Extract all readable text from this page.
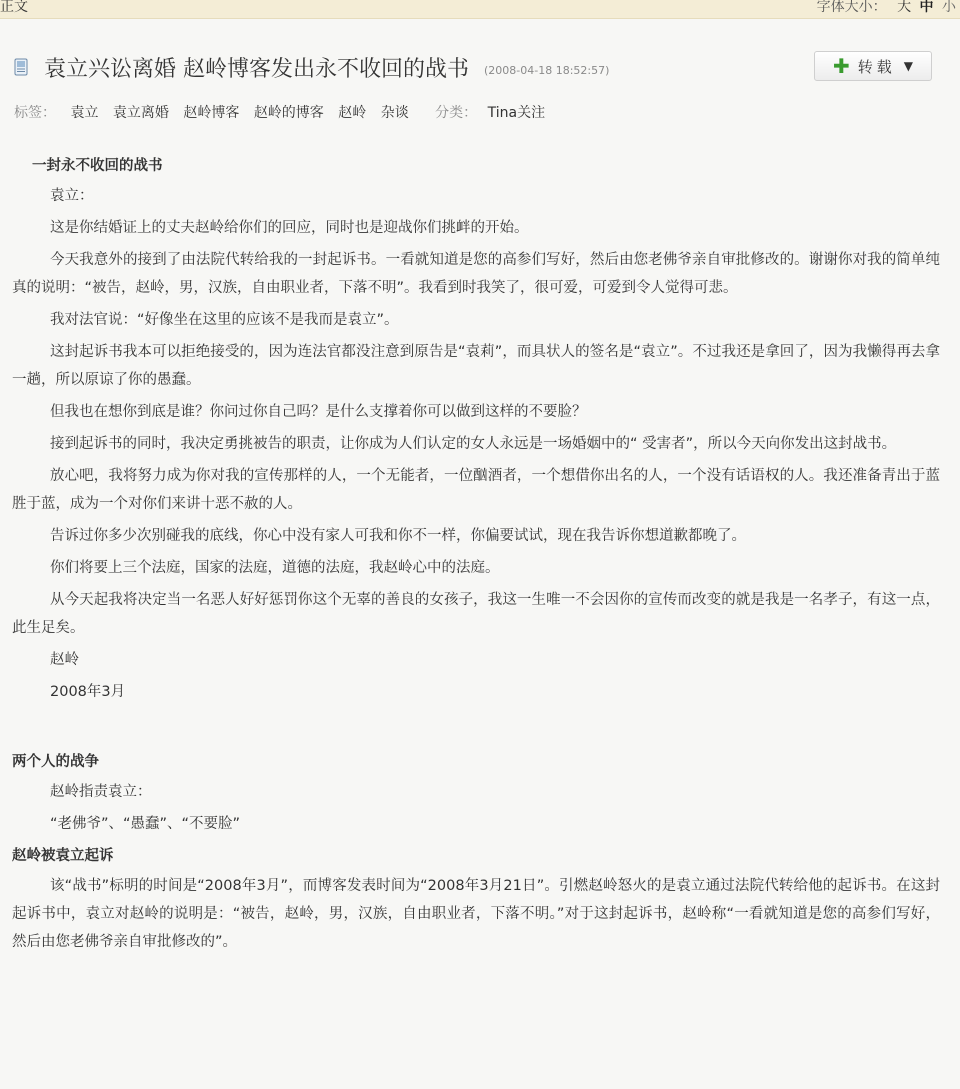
正文	字体大小： 大 中 小
袁立兴讼离婚 赵岭博客发出永不收回的战书 (2008-04-18 18:52:57)	✚ 转载 ▼
标签： 袁立 袁立离婚 赵岭博客 赵岭的博客 赵岭 杂谈 分类： Tina关注
一封永不收回的战书
袁立：
这是你结婚证上的丈夫赵岭给你们的回应，同时也是迎战你们挑衅的开始。
今天我意外的接到了由法院代转给我的一封起诉书。一看就知道是您的高参们写好，然后由您老佛爷亲自审批修改的。谢谢你对我的简单纯真的说明：“被告，赵岭，男，汉族，自由职业者，下落不明”。我看到时我笑了，很可爱，可爱到令人觉得可悲。
我对法官说：“好像坐在这里的应该不是我而是袁立”。
这封起诉书我本可以拒绝接受的，因为连法官都没注意到原告是“袁莉”，而具状人的签名是“袁立”。不过我还是拿回了，因为我懒得再去拿一趟，所以原谅了你的愚蠢。
但我也在想你到底是谁？你问过你自己吗？是什么支撑着你可以做到这样的不要脸？
接到起诉书的同时，我决定勇挑被告的职责，让你成为人们认定的女人永远是一场婚姻中的“ 受害者”，所以今天向你发出这封战书。
放心吧，我将努力成为你对我的宣传那样的人，一个无能者，一位酗酒者，一个想借你出名的人，一个没有话语权的人。我还准备青出于蓝胜于蓝，成为一个对你们来讲十恶不赦的人。
告诉过你多少次别碰我的底线，你心中没有家人可我和你不一样，你偏要试试，现在我告诉你想道歉都晚了。
你们将要上三个法庭，国家的法庭，道德的法庭，我赵岭心中的法庭。
从今天起我将决定当一名恶人好好惩罚你这个无辜的善良的女孩子，我这一生唯一不会因你的宣传而改变的就是我是一名孝子，有这一点，此生足矣。
赵岭
2008年3月
两个人的战争
赵岭指责袁立：
“老佛爷”、“愚蠢”、“不要脸”
赵岭被袁立起诉
该“战书”标明的时间是“2008年3月”，而博客发表时间为“2008年3月21日”。引燃赵岭怒火的是袁立通过法院代转给他的起诉书。在这封起诉书中，袁立对赵岭的说明是：“被告，赵岭，男，汉族，自由职业者，下落不明。”对于这封起诉书，赵岭称“一看就知道是您的高参们写好，然后由您老佛爷亲自审批修改的”。
